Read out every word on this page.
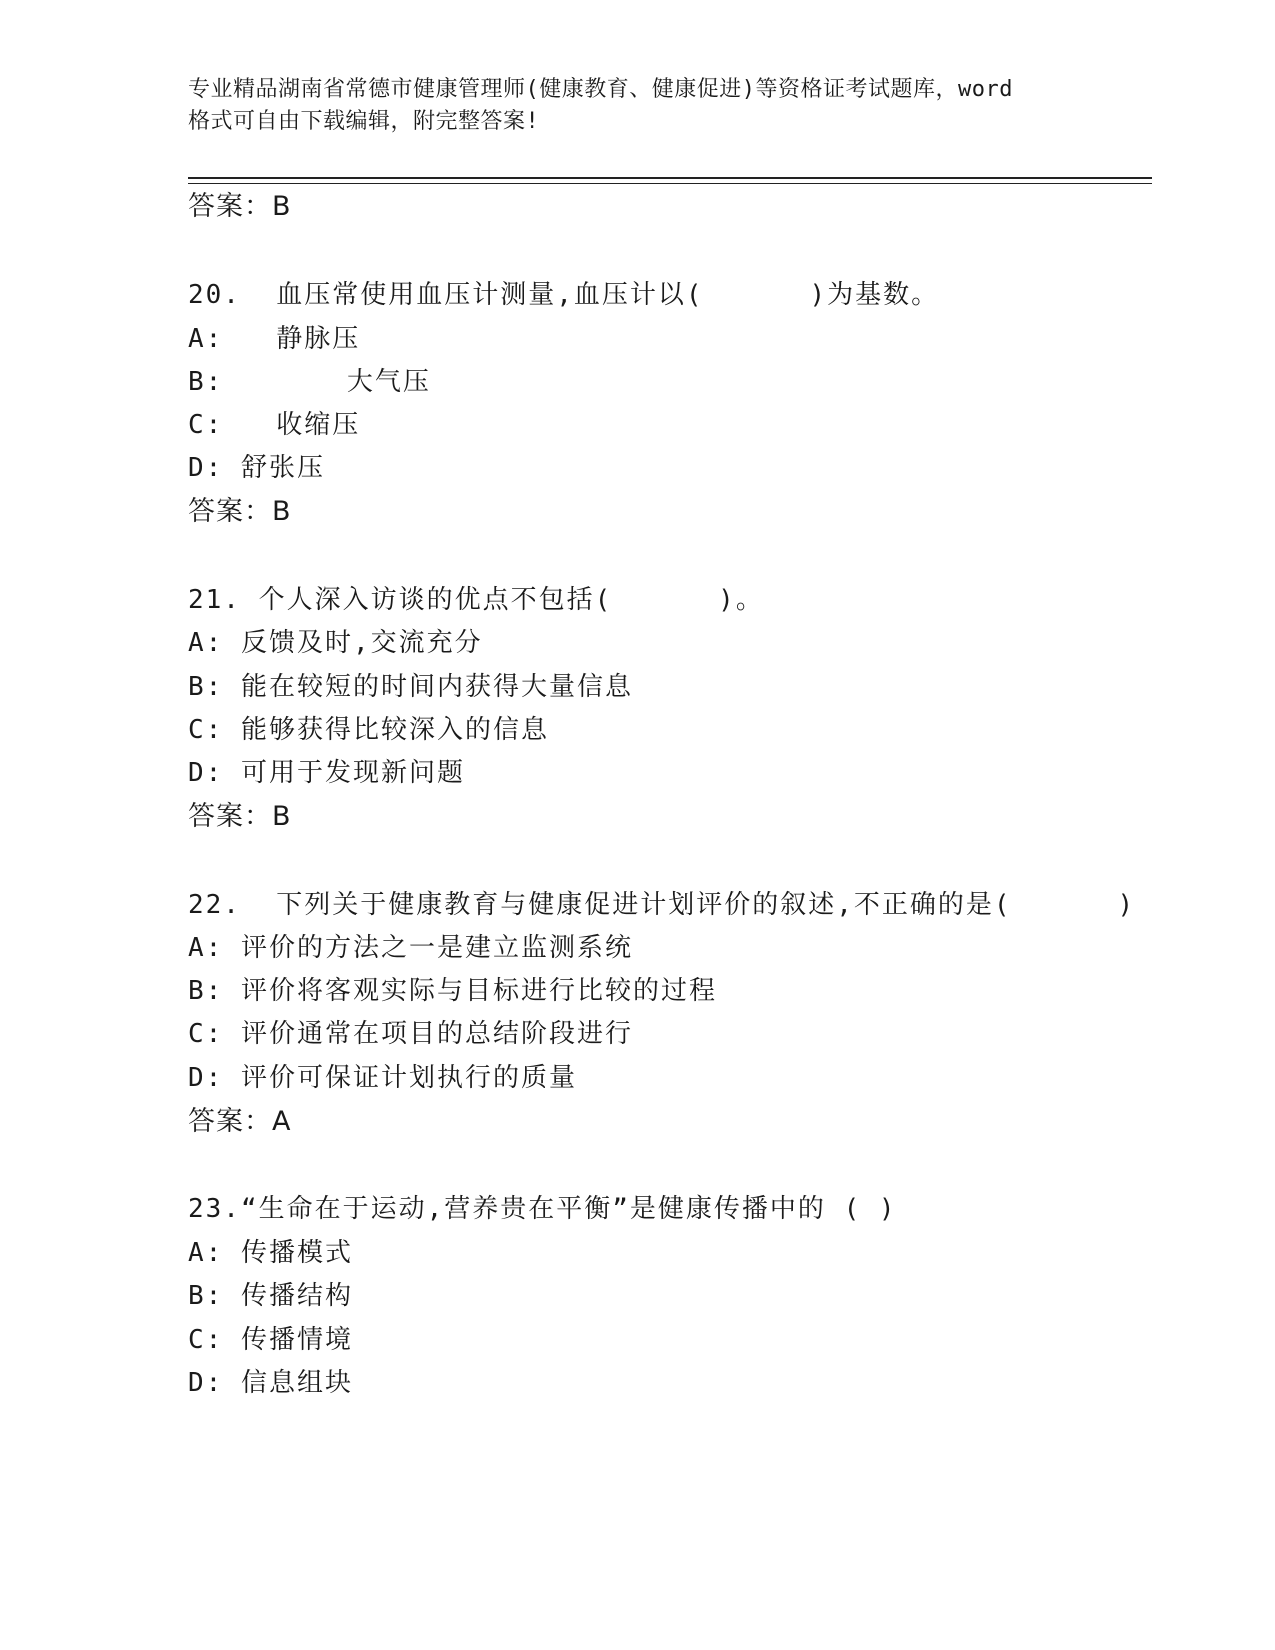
专业精品湖南省常德市健康管理师(健康教育、健康促进)等资格证考试题库，word
格式可自由下载编辑，附完整答案!
答案：B
20.  血压常使用血压计测量,血压计以(      )为基数。
A:   静脉压
B:       大气压
C:   收缩压
D: 舒张压
答案：B
21. 个人深入访谈的优点不包括(      )。
A: 反馈及时,交流充分
B: 能在较短的时间内获得大量信息
C: 能够获得比较深入的信息
D: 可用于发现新问题
答案：B
22.  下列关于健康教育与健康促进计划评价的叙述,不正确的是(      )
A: 评价的方法之一是建立监测系统
B: 评价将客观实际与目标进行比较的过程
C: 评价通常在项目的总结阶段进行
D: 评价可保证计划执行的质量
答案：A
23.“生命在于运动,营养贵在平衡”是健康传播中的 ( )
A: 传播模式
B: 传播结构
C: 传播情境
D: 信息组块
